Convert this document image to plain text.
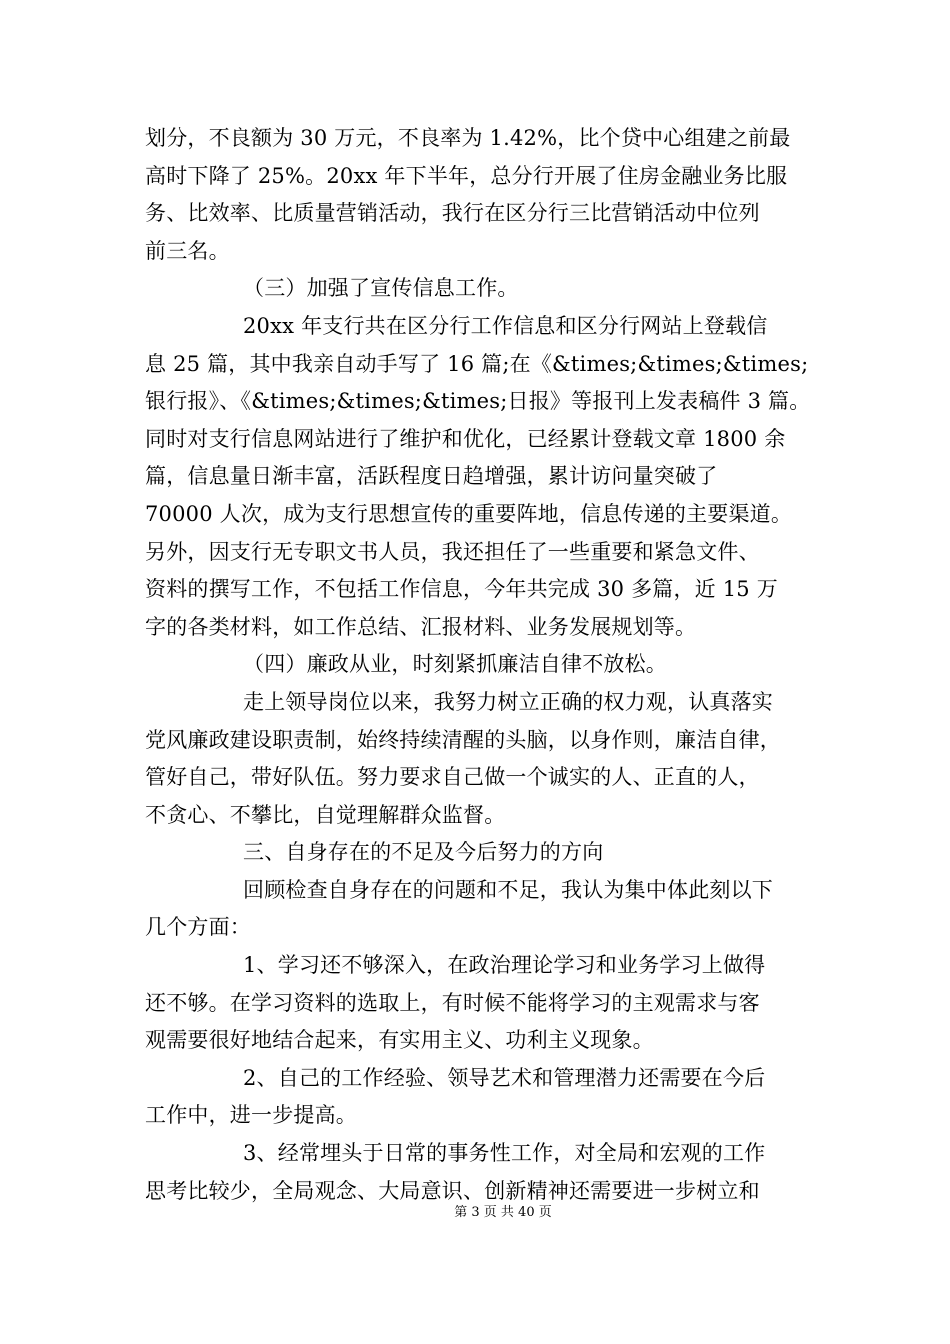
划分，不良额为 30 万元，不良率为 1.42%，比个贷中心组建之前最
高时下降了 25%。20xx 年下半年，总分行开展了住房金融业务比服
务、比效率、比质量营销活动，我行在区分行三比营销活动中位列
前三名。
（三）加强了宣传信息工作。
20xx 年支行共在区分行工作信息和区分行网站上登载信
息 25 篇，其中我亲自动手写了 16 篇;在《&times;&times;&times;
银行报》、《&times;&times;&times;日报》等报刊上发表稿件 3 篇。
同时对支行信息网站进行了维护和优化，已经累计登载文章 1800 余
篇，信息量日渐丰富，活跃程度日趋增强，累计访问量突破了
70000 人次，成为支行思想宣传的重要阵地，信息传递的主要渠道。
另外，因支行无专职文书人员，我还担任了一些重要和紧急文件、
资料的撰写工作，不包括工作信息，今年共完成 30 多篇，近 15 万
字的各类材料，如工作总结、汇报材料、业务发展规划等。
（四）廉政从业，时刻紧抓廉洁自律不放松。
走上领导岗位以来，我努力树立正确的权力观，认真落实
党风廉政建设职责制，始终持续清醒的头脑，以身作则，廉洁自律，
管好自己，带好队伍。努力要求自己做一个诚实的人、正直的人，
不贪心、不攀比，自觉理解群众监督。
三、自身存在的不足及今后努力的方向
回顾检查自身存在的问题和不足，我认为集中体此刻以下
几个方面：
1、学习还不够深入，在政治理论学习和业务学习上做得
还不够。在学习资料的选取上，有时候不能将学习的主观需求与客
观需要很好地结合起来，有实用主义、功利主义现象。
2、自己的工作经验、领导艺术和管理潜力还需要在今后
工作中，进一步提高。
3、经常埋头于日常的事务性工作，对全局和宏观的工作
思考比较少，全局观念、大局意识、创新精神还需要进一步树立和
第 3 页 共 40 页
